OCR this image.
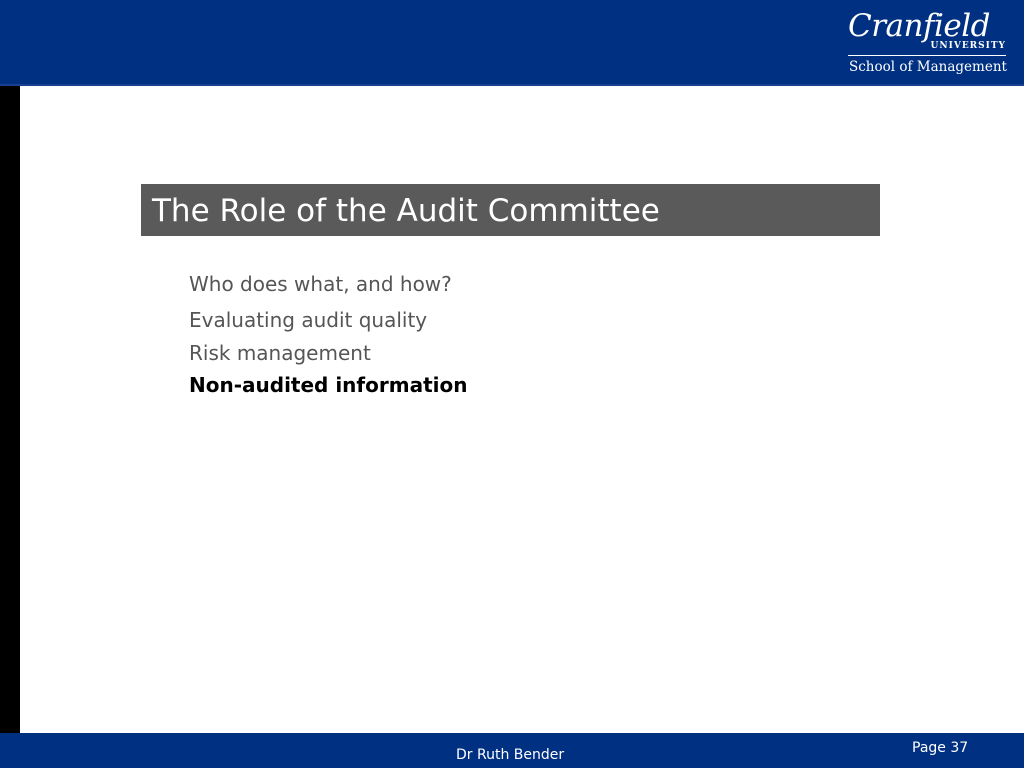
Cranfield
UNIVERSITY
School of Management
The Role of the Audit Committee
Who does what, and how?
Evaluating audit quality
Risk management
Non-audited information
Dr Ruth Bender	Page 37
